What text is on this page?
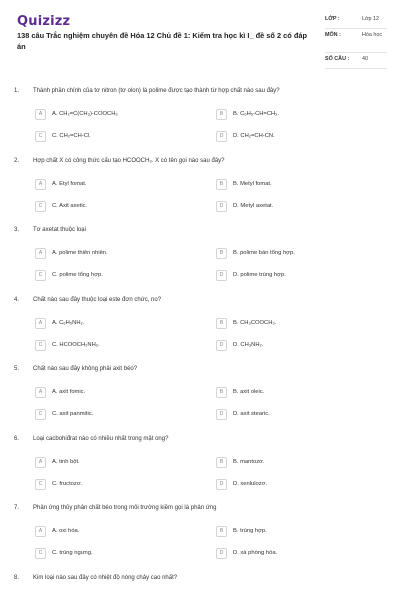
Quizizz
138 câu Trắc nghiệm chuyên đề Hóa 12 Chủ đề 1: Kiểm tra học kì I_ đề số 2 có đáp án
LỚP :	Lớp 12
MÔN :	Hóa học
SỐ CÂU : 40
1. Thành phần chính của tơ nitron (tơ olon) là polime được tạo thành từ hợp chất nào sau đây?
A	A. CH₂=C(CH₃)-COOCH₃	B	B. C₆H₅-CH=CH₂.
C	C. CH₂=CH-Cl.	D	D. CH₂=CH-CN.
2. Hợp chất X có công thức cấu tạo HCOOCH₃. X có tên gọi nào sau đây?
A	A. Etyl fomat.	B	B. Metyl fomat.
C	C. Axit axetic.	D	D. Metyl axetat.
3. Tơ axetat thuộc loại
A	A. polime thiên nhiên.	B	B. polime bán tổng hợp.
C	C. polime tổng hợp.	D	D. polime trùng hợp.
4. Chất nào sau đây thuộc loại este đơn chức, no?
A	A. C₆H₅NH₂.	B	B. CH₃COOCH₃.
C	C. HCOOCH₂NH₂.	D	D. CH₃NH₂.
5. Chất nào sau đây không phải axit béo?
A	A. axit fomic.	B	B. axit oleic.
C	C. axit panmitic.	D	D. axit stearic.
6. Loại cacbohiđrat nào có nhiều nhất trong mật ong?
A	A. tinh bột.	B	B. mantozơ.
C	C. fructozơ.	D	D. xenlulozơ.
7. Phản ứng thủy phân chất béo trong môi trường kiềm gọi là phản ứng
A	A. oxi hóa.	B	B. trùng hợp.
C	C. trùng ngưng.	D	D. xà phòng hóa.
8. Kim loại nào sau đây có nhiệt độ nóng chảy cao nhất?
